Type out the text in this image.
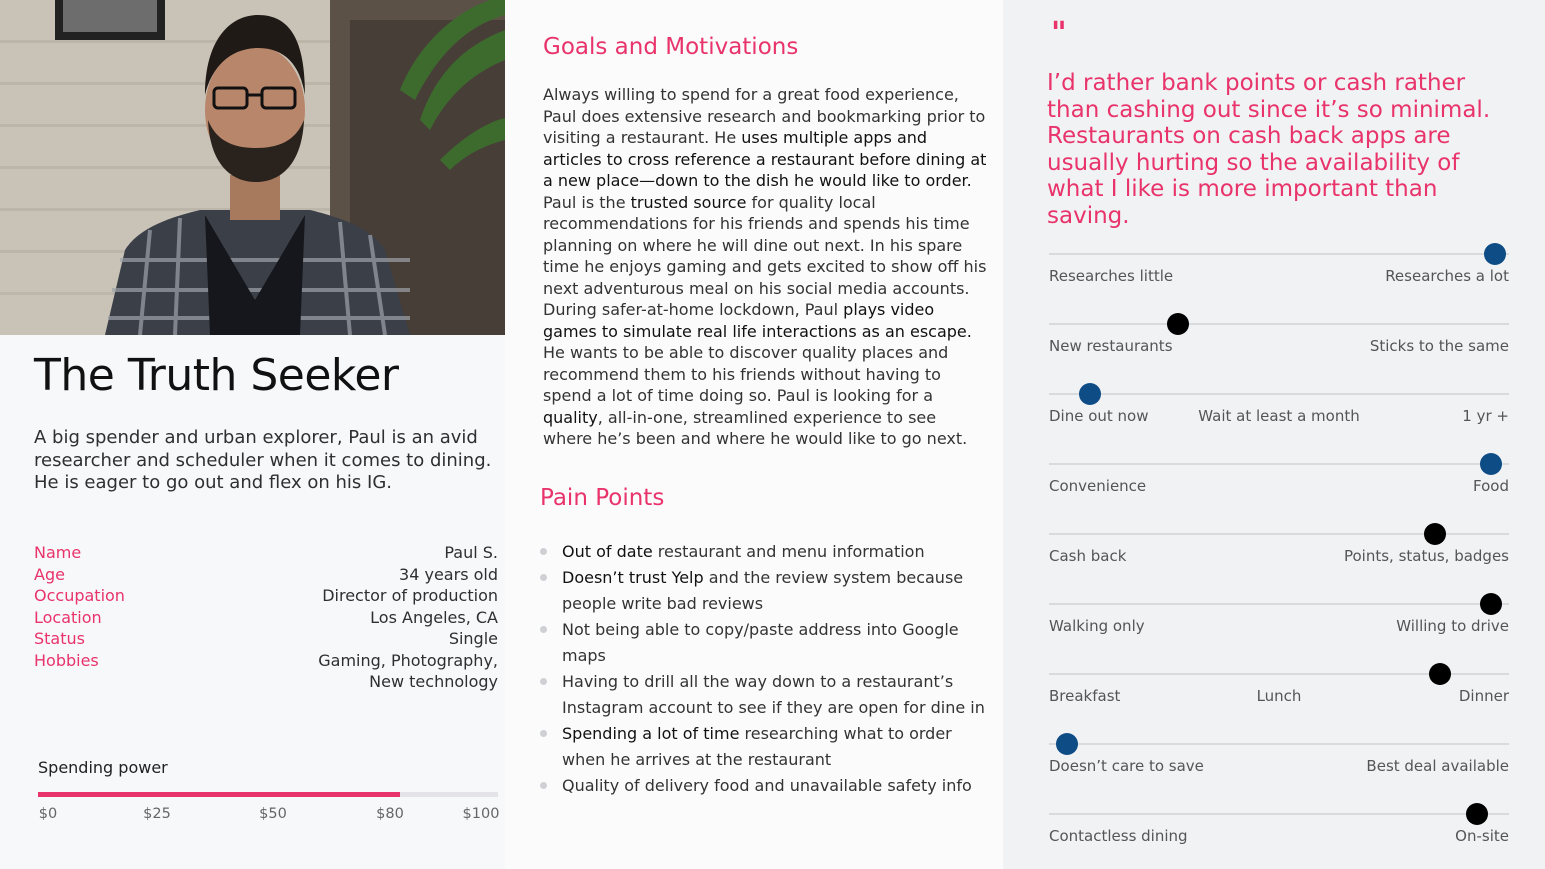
The Truth Seeker

A big spender and urban explorer, Paul is an avid researcher and scheduler when it comes to dining. He is eager to go out and flex on his IG.

Name	Paul S.
Age	34 years old
Occupation	Director of production
Location	Los Angeles, CA
Status	Single
Hobbies	Gaming, Photography,
New technology
Spending power
$0	$25	$50	$80	$100
Goals and Motivations

Always willing to spend for a great food experience, Paul does extensive research and bookmarking prior to visiting a restaurant. He uses multiple apps and articles to cross reference a restaurant before dining at a new place—down to the dish he would like to order. Paul is the trusted source for quality local recommendations for his friends and spends his time planning on where he will dine out next. In his spare time he enjoys gaming and gets excited to show off his next adventurous meal on his social media accounts. During safer-at-home lockdown, Paul plays video games to simulate real life interactions as an escape. He wants to be able to discover quality places and recommend them to his friends without having to spend a lot of time doing so. Paul is looking for a quality, all-in-one, streamlined experience to see where he’s been and where he would like to go next.

Pain Points
Out of date restaurant and menu information
Doesn’t trust Yelp and the review system because people write bad reviews
Not being able to copy/paste address into Google maps
Having to drill all the way down to a restaurant’s Instagram account to see if they are open for dine in
Spending a lot of time researching what to order when he arrives at the restaurant
Quality of delivery food and unavailable safety info
"

I’d rather bank points or cash rather than cashing out since it’s so minimal. Restaurants on cash back apps are usually hurting so the availability of what I like is more important than saving.

Researches little	Researches a lot
New restaurants	Sticks to the same
Dine out now	Wait at least a month	1 yr +
Convenience	Food
Cash back	Points, status, badges
Walking only	Willing to drive
Breakfast	Lunch	Dinner
Doesn’t care to save	Best deal available
Contactless dining	On-site
